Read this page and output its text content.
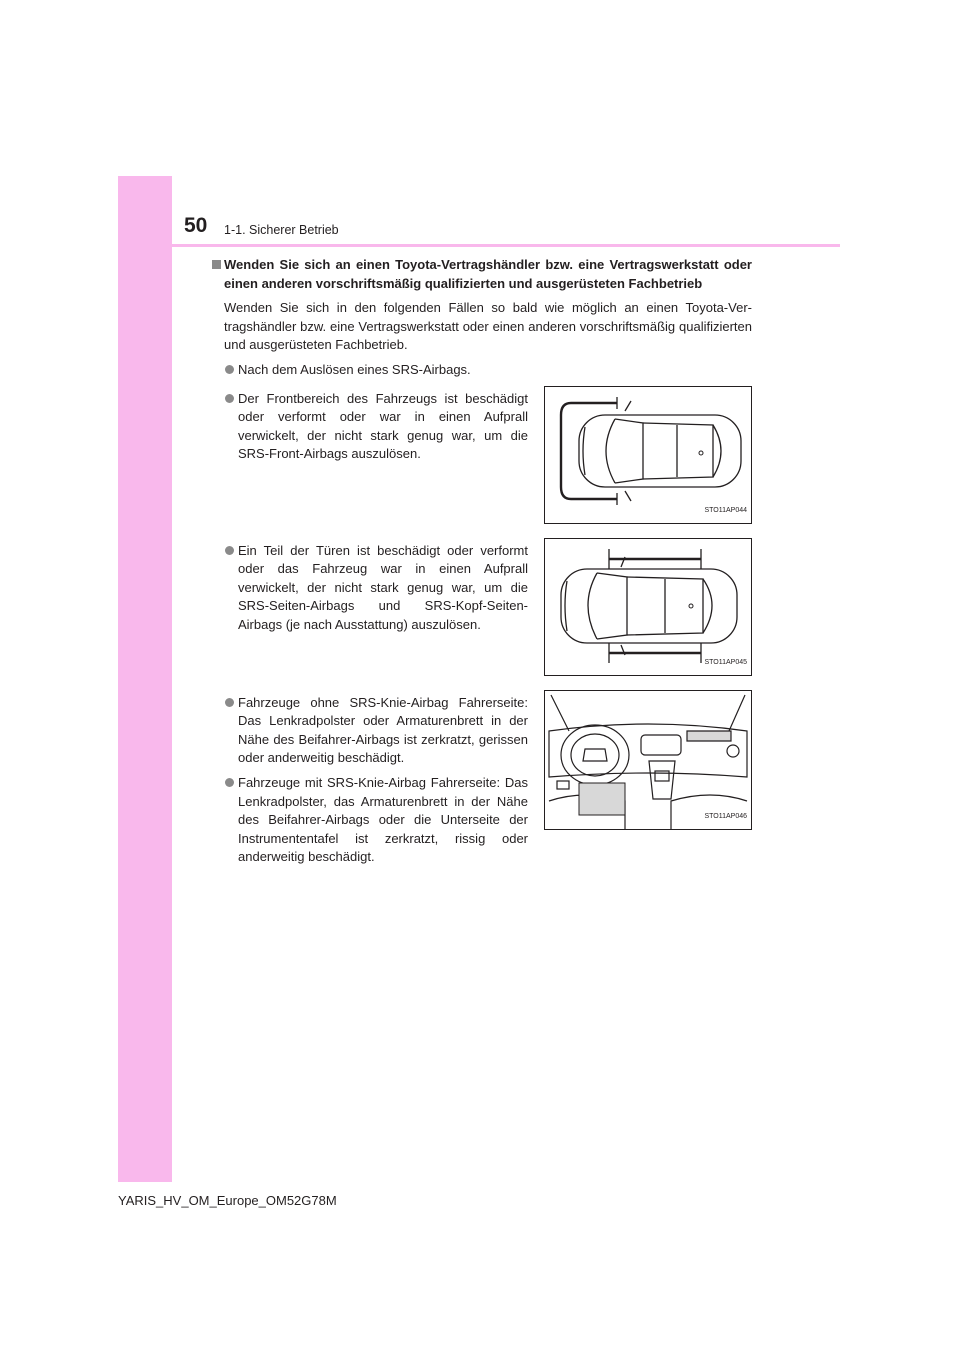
50 1-1. Sicherer Betrieb
Wenden Sie sich an einen Toyota-Vertragshändler bzw. eine Vertragswerkstatt oder einen anderen vorschriftsmäßig qualifizierten und ausgerüsteten Fachbetrieb
Wenden Sie sich in den folgenden Fällen so bald wie möglich an einen Toyota-Vertragshändler bzw. eine Vertragswerkstatt oder einen anderen vorschriftsmäßig qualifizierten und ausgerüsteten Fachbetrieb.
Nach dem Auslösen eines SRS-Airbags.
Der Frontbereich des Fahrzeugs ist beschädigt oder verformt oder war in einen Aufprall verwickelt, der nicht stark genug war, um die SRS-Front-Airbags auszulösen.
STO11AP044
Ein Teil der Türen ist beschädigt oder verformt oder das Fahrzeug war in einen Aufprall verwickelt, der nicht stark genug war, um die SRS-Seiten-Airbags und SRS-Kopf-Seiten-Airbags (je nach Ausstattung) auszulösen.
STO11AP045
Fahrzeuge ohne SRS-Knie-Airbag Fahrerseite: Das Lenkradpolster oder Armaturenbrett in der Nähe des Beifahrer-Airbags ist zerkratzt, gerissen oder anderweitig beschädigt.
Fahrzeuge mit SRS-Knie-Airbag Fahrerseite: Das Lenkradpolster, das Armaturenbrett in der Nähe des Beifahrer-Airbags oder die Unterseite der Instrumententafel ist zerkratzt, rissig oder anderweitig beschädigt.
STO11AP046
YARIS_HV_OM_Europe_OM52G78M
